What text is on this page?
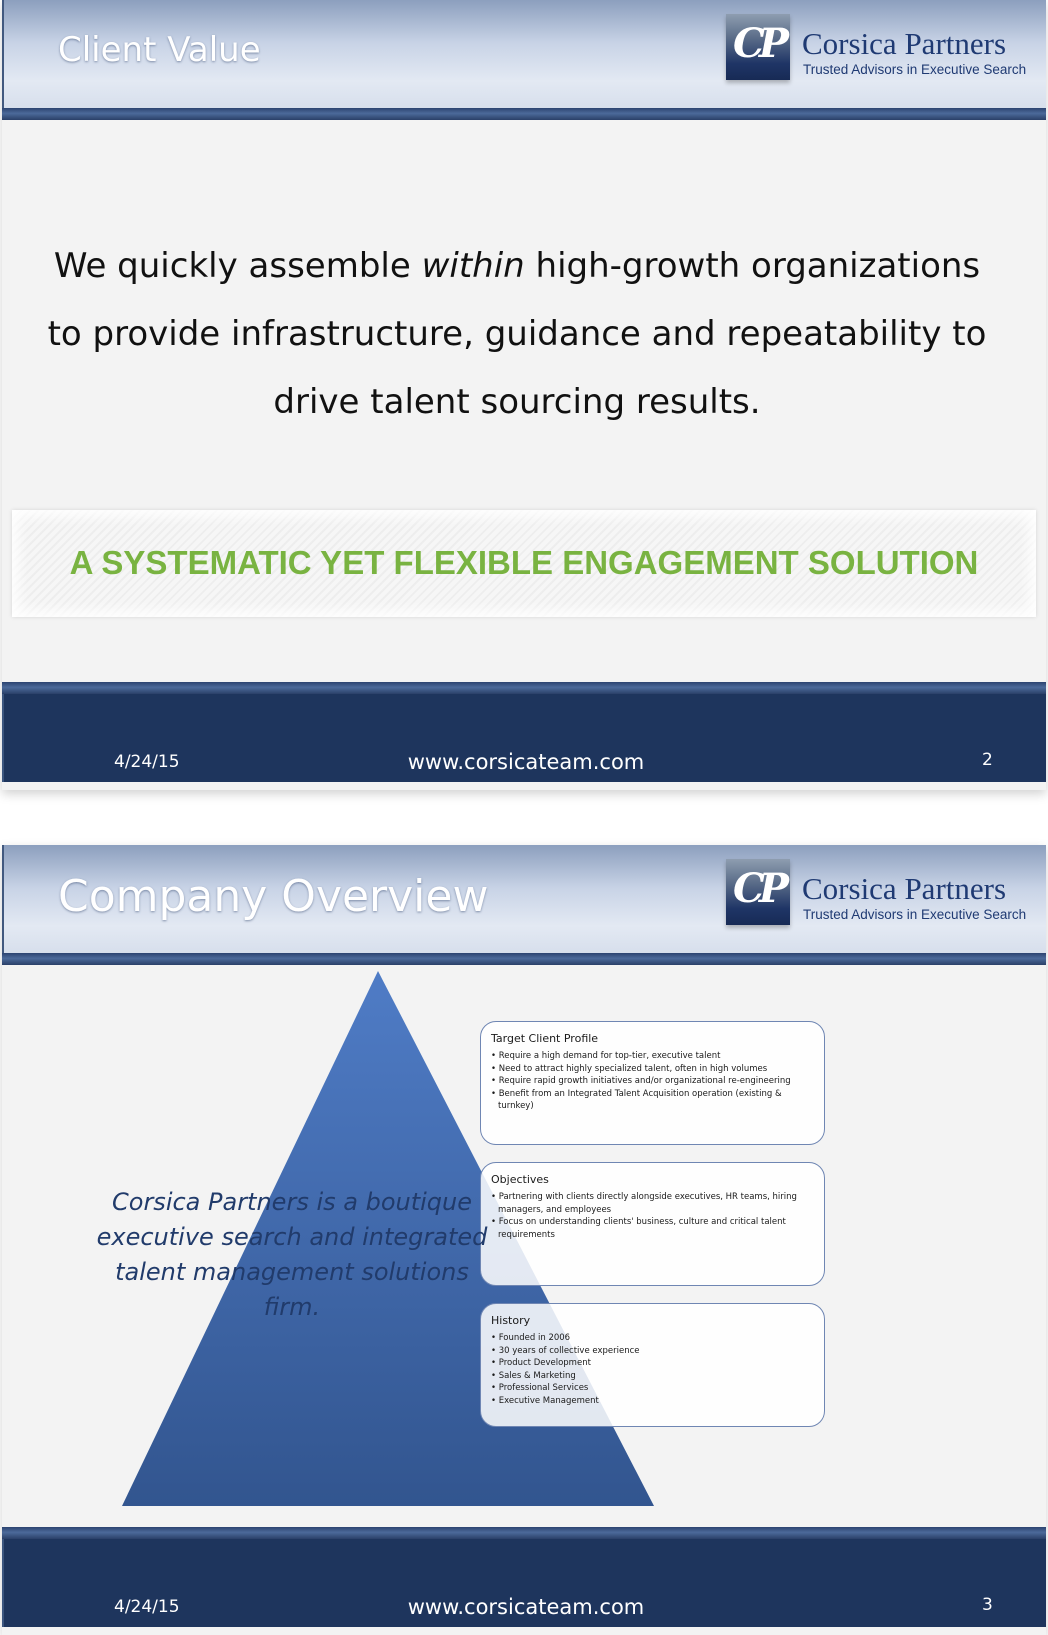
Client Value	CP Corsica Partners
Trusted Advisors in Executive Search
We quickly assemble within high-growth organizations
to provide infrastructure, guidance and repeatability to
drive talent sourcing results.
A SYSTEMATIC YET FLEXIBLE ENGAGEMENT SOLUTION
4/24/15	www.corsicateam.com	2
Company Overview	CP Corsica Partners
Trusted Advisors in Executive Search
Target Client Profile
• Require a high demand for top-tier, executive talent
• Need to attract highly specialized talent, often in high volumes
• Require rapid growth initiatives and/or organizational re-engineering
• Benefit from an Integrated Talent Acquisition operation (existing & turnkey)
Objectives
• Partnering with clients directly alongside executives, HR teams, hiring managers, and employees
• Focus on understanding clients' business, culture and critical talent requirements
History
• Founded in 2006
• 30 years of collective experience
• Product Development
• Sales & Marketing
• Professional Services
• Executive Management
Corsica Partners is a boutique executive search and integrated talent management solutions firm.
4/24/15	www.corsicateam.com	3
